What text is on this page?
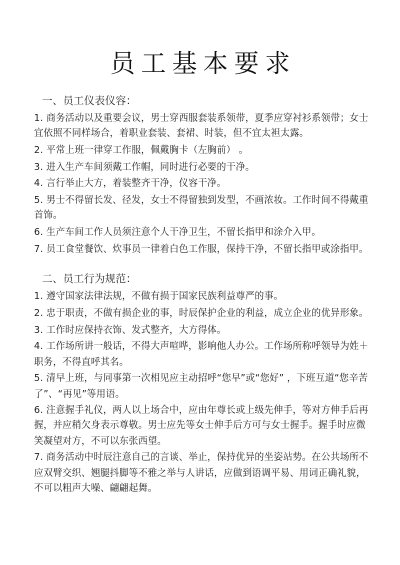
员工基本要求
一、员工仪表仪容：
1. 商务活动以及重要会议，男士穿西服套装系领带，夏季应穿衬衫系领带；女士宜依照不同样场合，着职业套装、套裙、时装，但不宜太袒太露。
2. 平常上班一律穿工作服，佩戴胸卡（左胸前） 。
3. 进入生产车间须戴工作帽，同时进行必要的干净。
4. 言行举止大方，着装整齐干净，仪容干净。
5. 男士不得留长发、径发，女士不得留独到发型，不画浓妆。工作时间不得戴重首饰。
6. 生产车间工作人员须注意个人干净卫生，不留长指甲和涂介入甲。
7. 员工食堂餐饮、炊事员一律着白色工作服，保持干净，不留长指甲或涂指甲。
二、员工行为规范：
1. 遵守国家法律法规，不做有损于国家民族利益尊严的事。
2. 忠于职责，不做有损企业的事，时辰保护企业的利益，成立企业的优异形象。
3. 工作时应保持衣饰、发式整齐，大方得体。
4. 工作场所讲一般话，不得大声喧哗，影响他人办公。工作场所称呼领导为姓＋职务，不得直呼其名。
5. 清早上班，与同事第一次相见应主动招呼“您早”或“您好” ，下班互道“您辛苦了”、“再见”等用语。
6. 注意握手礼仪，两人以上场合中，应由年尊长或上级先伸手，等对方伸手后再握，并应稍欠身表示尊敬。男士应先等女士伸手后方可与女士握手。握手时应微笑凝望对方，不可以东张西望。
7. 商务活动中时辰注意自己的言谈、举止，保持优异的坐姿站势。在公共场所不应双臂交织、翘腿抖脚等不雅之举与人讲话，应做到语调平易、用词正确礼貌，不可以粗声大噪、翩翩起舞。
